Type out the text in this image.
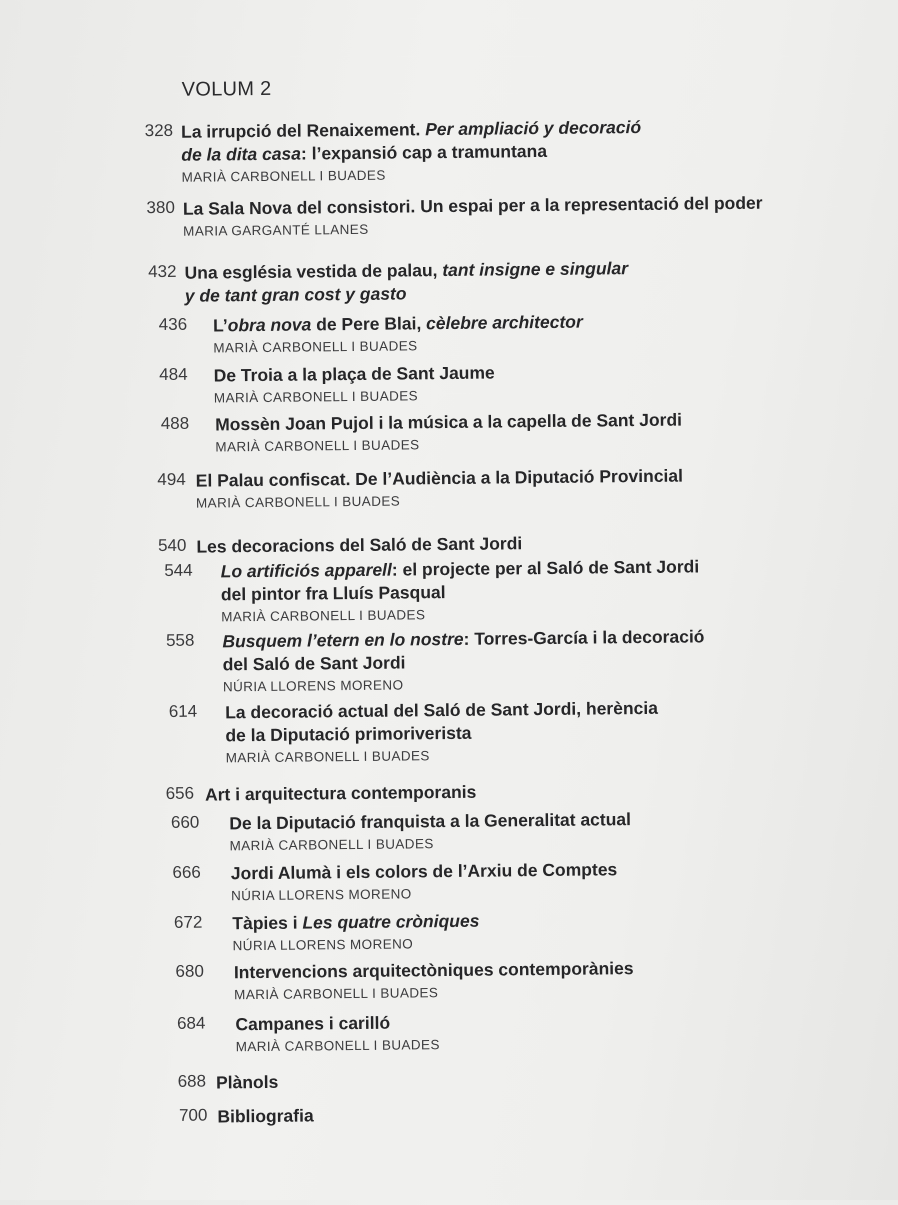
VOLUM 2
328 La irrupció del Renaixement. Per ampliació y decoració
de la dita casa: l’expansió cap a tramuntana
MARIÀ CARBONELL I BUADES
380 La Sala Nova del consistori. Un espai per a la representació del poder
MARIA GARGANTÉ LLANES
432 Una església vestida de palau, tant insigne e singular
y de tant gran cost y gasto
436 L’obra nova de Pere Blai, cèlebre architector
MARIÀ CARBONELL I BUADES
484 De Troia a la plaça de Sant Jaume
MARIÀ CARBONELL I BUADES
488 Mossèn Joan Pujol i la música a la capella de Sant Jordi
MARIÀ CARBONELL I BUADES
494 El Palau confiscat. De l’Audiència a la Diputació Provincial
MARIÀ CARBONELL I BUADES
540 Les decoracions del Saló de Sant Jordi
544 Lo artificiós apparell: el projecte per al Saló de Sant Jordi
del pintor fra Lluís Pasqual
MARIÀ CARBONELL I BUADES
558 Busquem l’etern en lo nostre: Torres-García i la decoració
del Saló de Sant Jordi
NÚRIA LLORENS MORENO
614 La decoració actual del Saló de Sant Jordi, herència
de la Diputació primoriverista
MARIÀ CARBONELL I BUADES
656 Art i arquitectura contemporanis
660 De la Diputació franquista a la Generalitat actual
MARIÀ CARBONELL I BUADES
666 Jordi Alumà i els colors de l’Arxiu de Comptes
NÚRIA LLORENS MORENO
672 Tàpies i Les quatre cròniques
NÚRIA LLORENS MORENO
680 Intervencions arquitectòniques contemporànies
MARIÀ CARBONELL I BUADES
684 Campanes i carilló
MARIÀ CARBONELL I BUADES
688 Plànols
700 Bibliografia
